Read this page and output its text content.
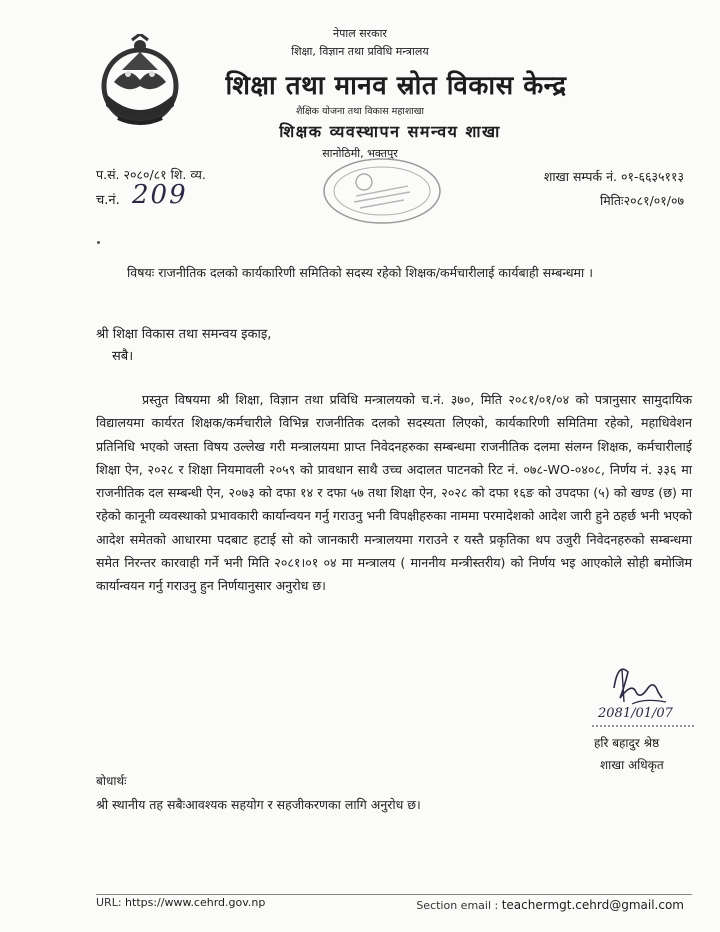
नेपाल सरकार
शिक्षा, विज्ञान तथा प्रविधि मन्त्रालय
शिक्षा तथा मानव स्रोत विकास केन्द्र
शैक्षिक योजना तथा विकास महाशाखा
शिक्षक व्यवस्थापन समन्वय शाखा
सानोठिमी, भक्तपुर
प.सं. २०८०/८१ शि. व्य.
च.नं. 209
शाखा सम्पर्क नं. ०१-६६३५११३
मितिः२०८१/०१/०७
विषयः राजनीतिक दलको कार्यकारिणी समितिको सदस्य रहेको शिक्षक/कर्मचारीलाई कार्यबाही सम्बन्धमा ।
श्री शिक्षा विकास तथा समन्वय इकाइ,
सबै।

प्रस्तुत विषयमा श्री शिक्षा, विज्ञान तथा प्रविधि मन्त्रालयको च.नं. ३७०, मिति २०८१/०१/०४ को पत्रानुसार सामुदायिक विद्यालयमा कार्यरत शिक्षक/कर्मचारीले विभिन्न राजनीतिक दलको सदस्यता लिएको, कार्यकारिणी समितिमा रहेको, महाधिवेशन प्रतिनिधि भएको जस्ता विषय उल्लेख गरी मन्त्रालयमा प्राप्त निवेदनहरुका सम्बन्धमा राजनीतिक दलमा संलग्न शिक्षक, कर्मचारीलाई शिक्षा ऐन, २०२८ र शिक्षा नियमावली २०५९ को प्रावधान साथै उच्च अदालत पाटनको रिट नं. ०७८-WO-०४०८, निर्णय नं. ३३६ मा राजनीतिक दल सम्बन्धी ऐन, २०७३ को दफा १४ र दफा ५७ तथा शिक्षा ऐन, २०२८ को दफा १६ङ को उपदफा (५) को खण्ड (छ) मा रहेको कानूनी व्यवस्थाको प्रभावकारी कार्यान्वयन गर्नु गराउनु भनी विपक्षीहरुका नाममा परमादेशको आदेश जारी हुने ठहर्छ भनी भएको आदेश समेतको आधारमा पदबाट हटाई सो को जानकारी मन्त्रालयमा गराउने र यस्तै प्रकृतिका थप उजुरी निवेदनहरुको सम्बन्धमा समेत निरन्तर कारवाही गर्ने भनी मिति २०८१।०१ ०४ मा मन्त्रालय ( माननीय मन्त्रीस्तरीय) को निर्णय भइ आएकोले सोही बमोजिम कार्यान्वयन गर्नु गराउनु हुन निर्णयानुसार अनुरोध छ।

2081/01/07
हरि बहादुर श्रेष्ठ
शाखा अधिकृत
बोधार्थः
श्री स्थानीय तह सबैःआवश्यक सहयोग र सहजीकरणका लागि अनुरोध छ।
URL: https://www.cehrd.gov.np	Section email : teachermgt.cehrd@gmail.com
